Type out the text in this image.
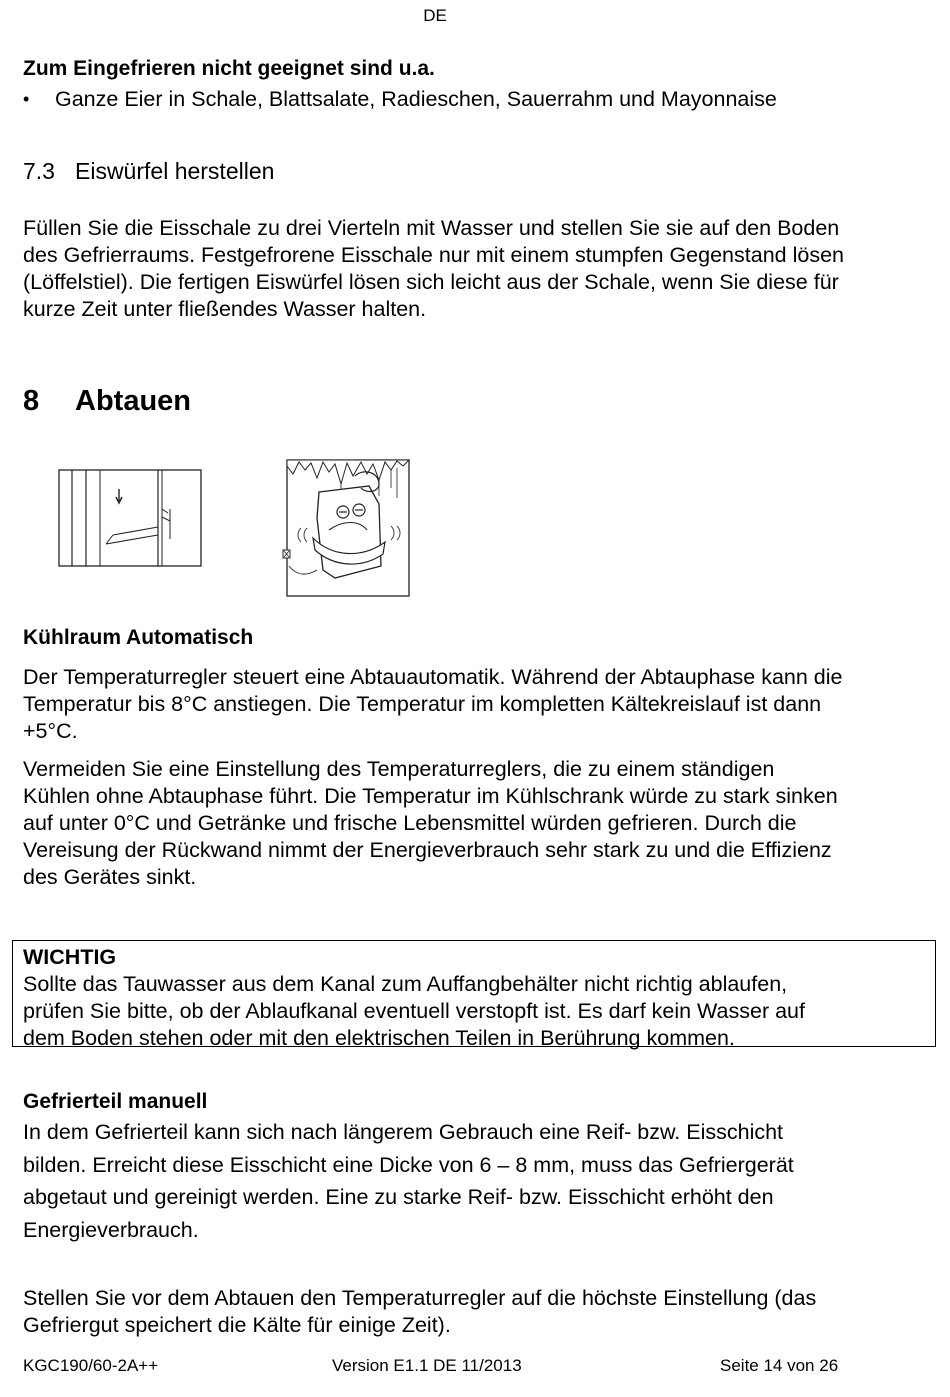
DE
Zum Eingefrieren nicht geeignet sind u.a.
• Ganze Eier in Schale, Blattsalate, Radieschen, Sauerrahm und Mayonnaise
7.3 Eiswürfel herstellen
Füllen Sie die Eisschale zu drei Vierteln mit Wasser und stellen Sie sie auf den Boden
des Gefrierraums. Festgefrorene Eisschale nur mit einem stumpfen Gegenstand lösen
(Löffelstiel). Die fertigen Eiswürfel lösen sich leicht aus der Schale, wenn Sie diese für
kurze Zeit unter fließendes Wasser halten.
8 Abtauen
Kühlraum Automatisch
Der Temperaturregler steuert eine Abtauautomatik. Während der Abtauphase kann die
Temperatur bis 8°C anstiegen. Die Temperatur im kompletten Kältekreislauf ist dann
+5°C.
Vermeiden Sie eine Einstellung des Temperaturreglers, die zu einem ständigen
Kühlen ohne Abtauphase führt. Die Temperatur im Kühlschrank würde zu stark sinken
auf unter 0°C und Getränke und frische Lebensmittel würden gefrieren. Durch die
Vereisung der Rückwand nimmt der Energieverbrauch sehr stark zu und die Effizienz
des Gerätes sinkt.
WICHTIG
Sollte das Tauwasser aus dem Kanal zum Auffangbehälter nicht richtig ablaufen,
prüfen Sie bitte, ob der Ablaufkanal eventuell verstopft ist. Es darf kein Wasser auf
dem Boden stehen oder mit den elektrischen Teilen in Berührung kommen.
Gefrierteil manuell
In dem Gefrierteil kann sich nach längerem Gebrauch eine Reif- bzw. Eisschicht
bilden. Erreicht diese Eisschicht eine Dicke von 6 – 8 mm, muss das Gefriergerät
abgetaut und gereinigt werden. Eine zu starke Reif- bzw. Eisschicht erhöht den
Energieverbrauch.
Stellen Sie vor dem Abtauen den Temperaturregler auf die höchste Einstellung (das
Gefriergut speichert die Kälte für einige Zeit).
KGC190/60-2A++	Version E1.1 DE 11/2013	Seite 14 von 26
